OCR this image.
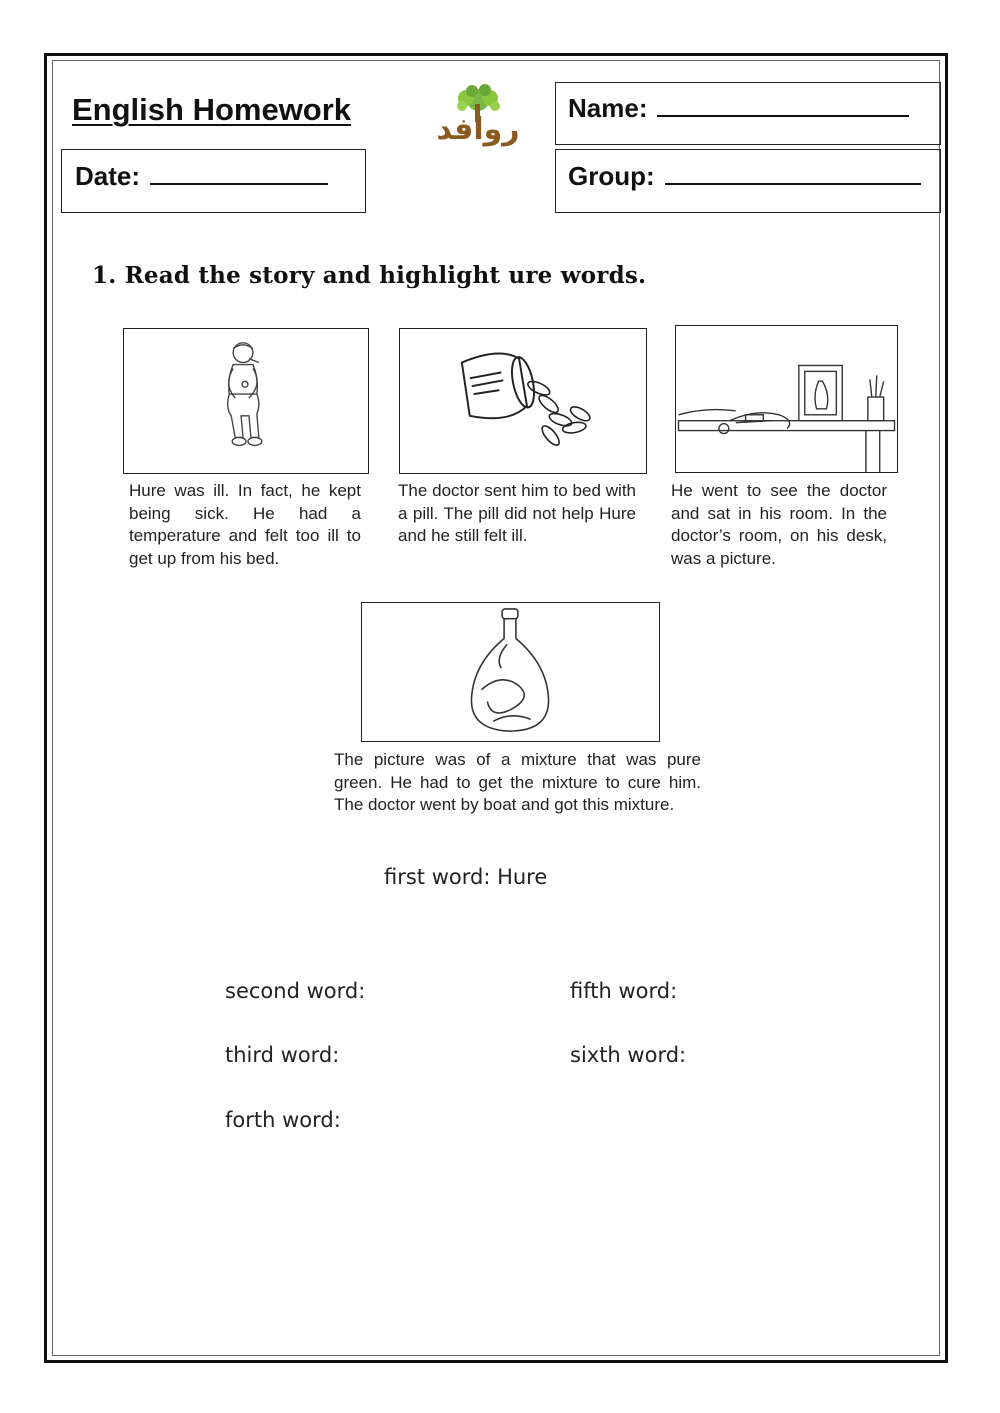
English Homework
Date:
روافد
Name:
Group:
1. Read the story and highlight ure words.
Hure was ill. In fact, he kept being sick. He had a temperature and felt too ill to get up from his bed.
The doctor sent him to bed with a pill. The pill did not help Hure and he still felt ill.
He went to see the doctor and sat in his room. In the doctor’s room, on his desk, was a picture.
The picture was of a mixture that was pure green. He had to get the mixture to cure him. The doctor went by boat and got this mixture.
first word: Hure
second word:
third word:
forth word:
fifth word:
sixth word:
